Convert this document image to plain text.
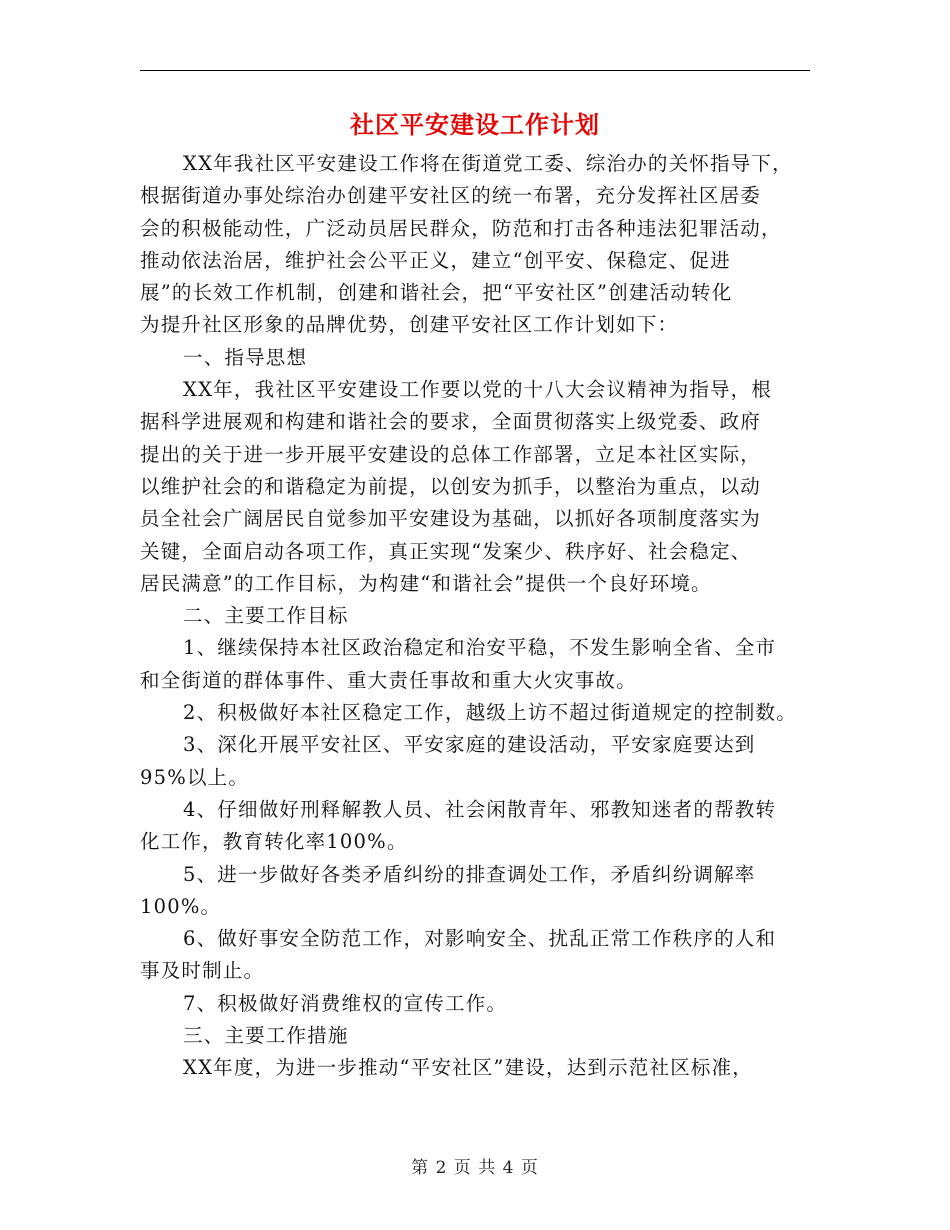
社区平安建设工作计划
XX年我社区平安建设工作将在街道党工委、综治办的关怀指导下，
根据街道办事处综治办创建平安社区的统一布署，充分发挥社区居委
会的积极能动性，广泛动员居民群众，防范和打击各种违法犯罪活动，
推动依法治居，维护社会公平正义，建立“创平安、保稳定、促进
展”的长效工作机制，创建和谐社会，把“平安社区”创建活动转化
为提升社区形象的品牌优势，创建平安社区工作计划如下：
一、指导思想
XX年，我社区平安建设工作要以党的十八大会议精神为指导，根
据科学进展观和构建和谐社会的要求，全面贯彻落实上级党委、政府
提出的关于进一步开展平安建设的总体工作部署，立足本社区实际，
以维护社会的和谐稳定为前提，以创安为抓手，以整治为重点，以动
员全社会广阔居民自觉参加平安建设为基础，以抓好各项制度落实为
关键，全面启动各项工作，真正实现“发案少、秩序好、社会稳定、
居民满意”的工作目标，为构建“和谐社会”提供一个良好环境。
二、主要工作目标
1、继续保持本社区政治稳定和治安平稳，不发生影响全省、全市
和全街道的群体事件、重大责任事故和重大火灾事故。
2、积极做好本社区稳定工作，越级上访不超过街道规定的控制数。
3、深化开展平安社区、平安家庭的建设活动，平安家庭要达到
95%以上。
4、仔细做好刑释解教人员、社会闲散青年、邪教知迷者的帮教转
化工作，教育转化率100%。
5、进一步做好各类矛盾纠纷的排查调处工作，矛盾纠纷调解率
100%。
6、做好事安全防范工作，对影响安全、扰乱正常工作秩序的人和
事及时制止。
7、积极做好消费维权的宣传工作。
三、主要工作措施
XX年度，为进一步推动“平安社区”建设，达到示范社区标准，
第 2 页 共 4 页
